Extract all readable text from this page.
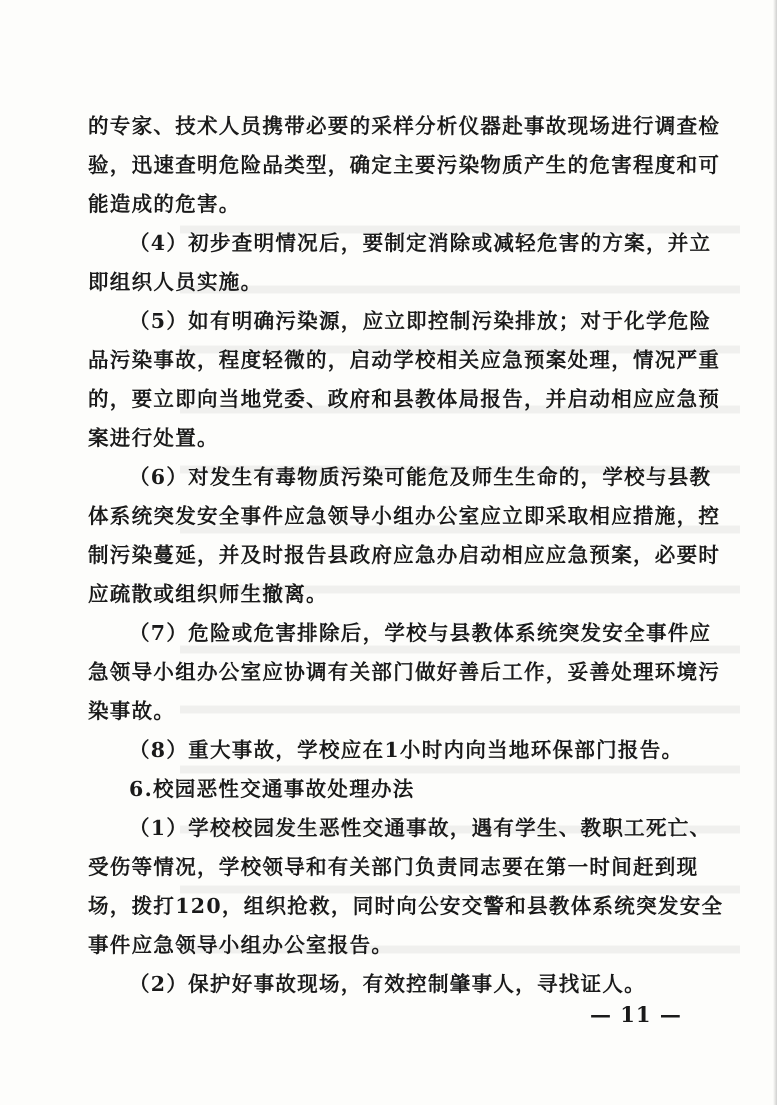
的专家、技术人员携带必要的采样分析仪器赴事故现场进行调查检
验，迅速查明危险品类型，确定主要污染物质产生的危害程度和可
能造成的危害。
（4）初步查明情况后，要制定消除或减轻危害的方案，并立
即组织人员实施。
（5）如有明确污染源，应立即控制污染排放；对于化学危险
品污染事故，程度轻微的，启动学校相关应急预案处理，情况严重
的，要立即向当地党委、政府和县教体局报告，并启动相应应急预
案进行处置。
（6）对发生有毒物质污染可能危及师生生命的，学校与县教
体系统突发安全事件应急领导小组办公室应立即采取相应措施，控
制污染蔓延，并及时报告县政府应急办启动相应应急预案，必要时
应疏散或组织师生撤离。
（7）危险或危害排除后，学校与县教体系统突发安全事件应
急领导小组办公室应协调有关部门做好善后工作，妥善处理环境污
染事故。
（8）重大事故，学校应在1小时内向当地环保部门报告。
6.校园恶性交通事故处理办法
（1）学校校园发生恶性交通事故，遇有学生、教职工死亡、
受伤等情况，学校领导和有关部门负责同志要在第一时间赶到现
场，拨打120，组织抢救，同时向公安交警和县教体系统突发安全
事件应急领导小组办公室报告。
（2）保护好事故现场，有效控制肇事人，寻找证人。
— 11 —
